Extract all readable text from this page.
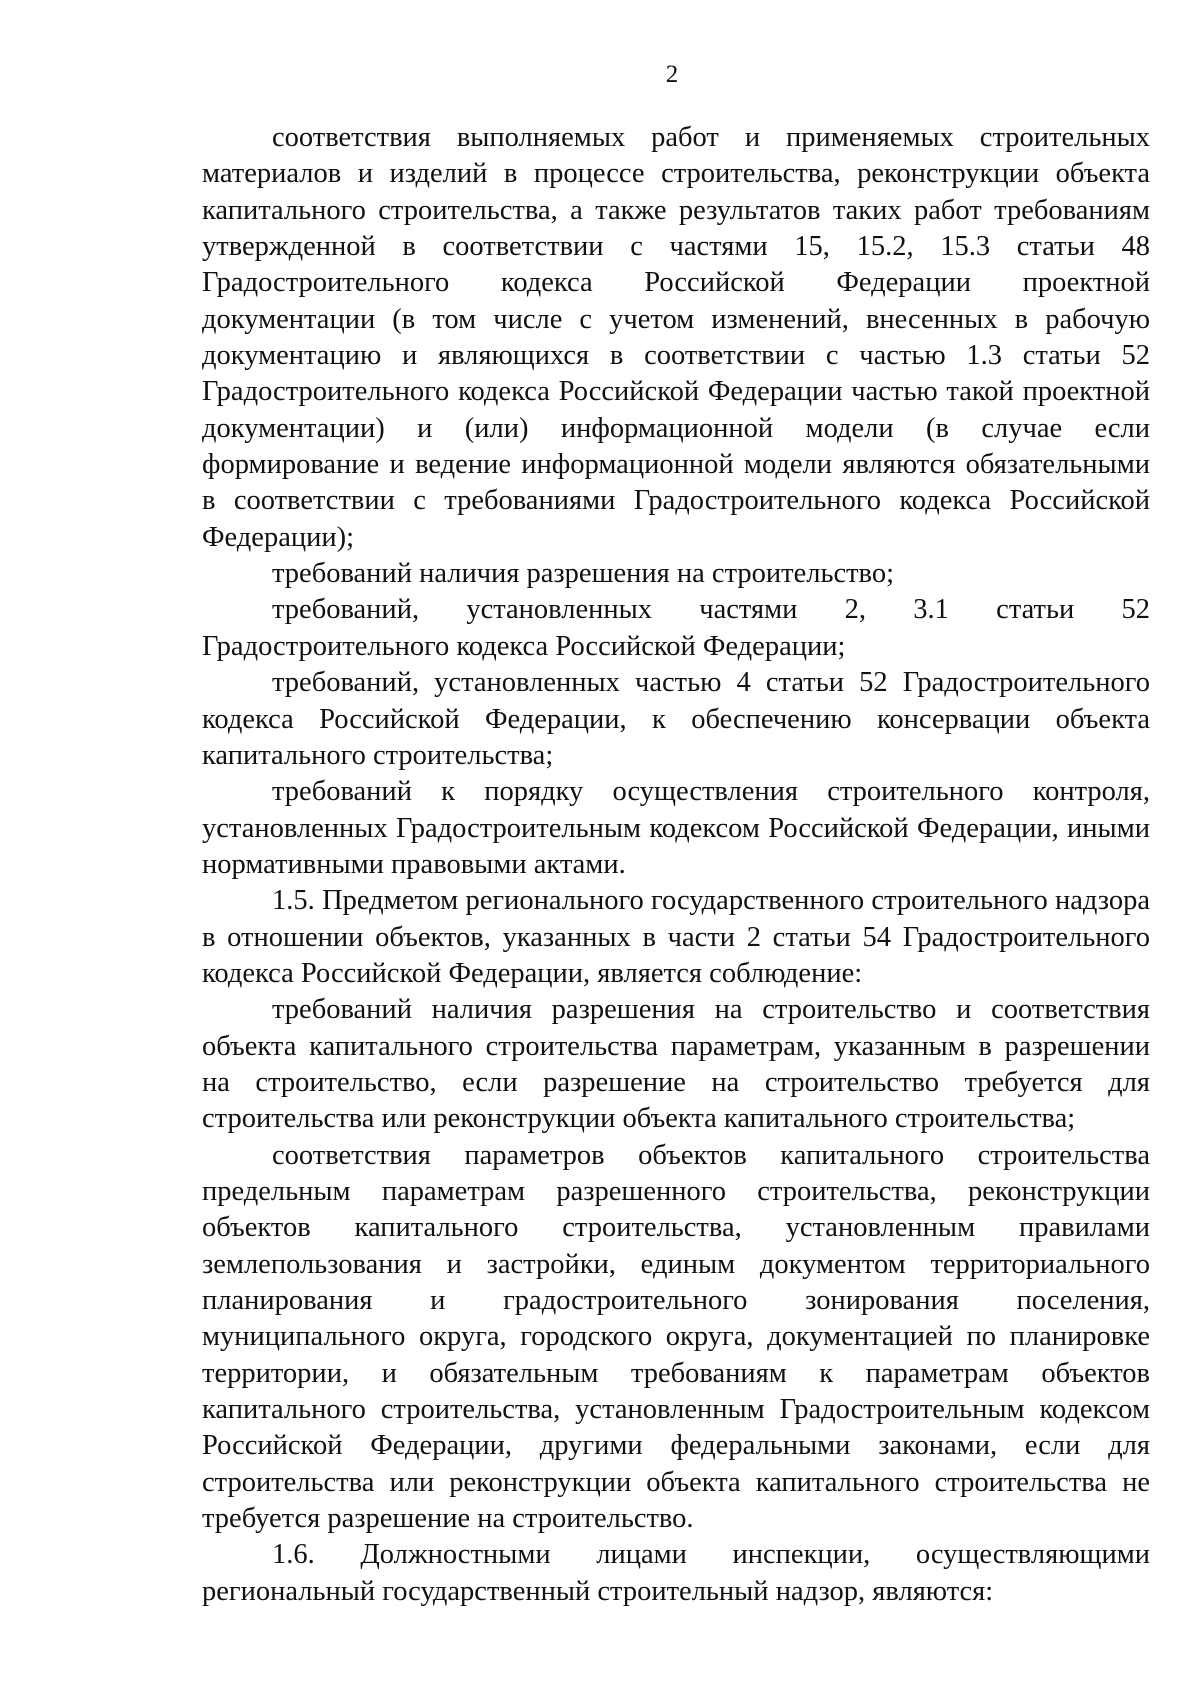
2

соответствия выполняемых работ и применяемых строительных материалов и изделий в процессе строительства, реконструкции объекта капитального строительства, а также результатов таких работ требованиям утвержденной в соответствии с частями 15, 15.2, 15.3 статьи 48 Градостроительного кодекса Российской Федерации проектной документации (в том числе с учетом изменений, внесенных в рабочую документацию и являющихся в соответствии с частью 1.3 статьи 52 Градостроительного кодекса Российской Федерации частью такой проектной документации) и (или) информационной модели (в случае если формирование и ведение информационной модели являются обязательными в соответствии с требованиями Градостроительного кодекса Российской Федерации);

требований наличия разрешения на строительство;

требований, установленных частями 2, 3.1 статьи 52 Градостроительного кодекса Российской Федерации;

требований, установленных частью 4 статьи 52 Градостроительного кодекса Российской Федерации, к обеспечению консервации объекта капитального строительства;

требований к порядку осуществления строительного контроля, установленных Градостроительным кодексом Российской Федерации, иными нормативными правовыми актами.

1.5. Предметом регионального государственного строительного надзора в отношении объектов, указанных в части 2 статьи 54 Градостроительного кодекса Российской Федерации, является соблюдение:

требований наличия разрешения на строительство и соответствия объекта капитального строительства параметрам, указанным в разрешении на строительство, если разрешение на строительство требуется для строительства или реконструкции объекта капитального строительства;

соответствия параметров объектов капитального строительства предельным параметрам разрешенного строительства, реконструкции объектов капитального строительства, установленным правилами землепользования и застройки, единым документом территориального планирования и градостроительного зонирования поселения, муниципального округа, городского округа, документацией по планировке территории, и обязательным требованиям к параметрам объектов капитального строительства, установленным Градостроительным кодексом Российской Федерации, другими федеральными законами, если для строительства или реконструкции объекта капитального строительства не требуется разрешение на строительство.

1.6. Должностными лицами инспекции, осуществляющими региональный государственный строительный надзор, являются:
